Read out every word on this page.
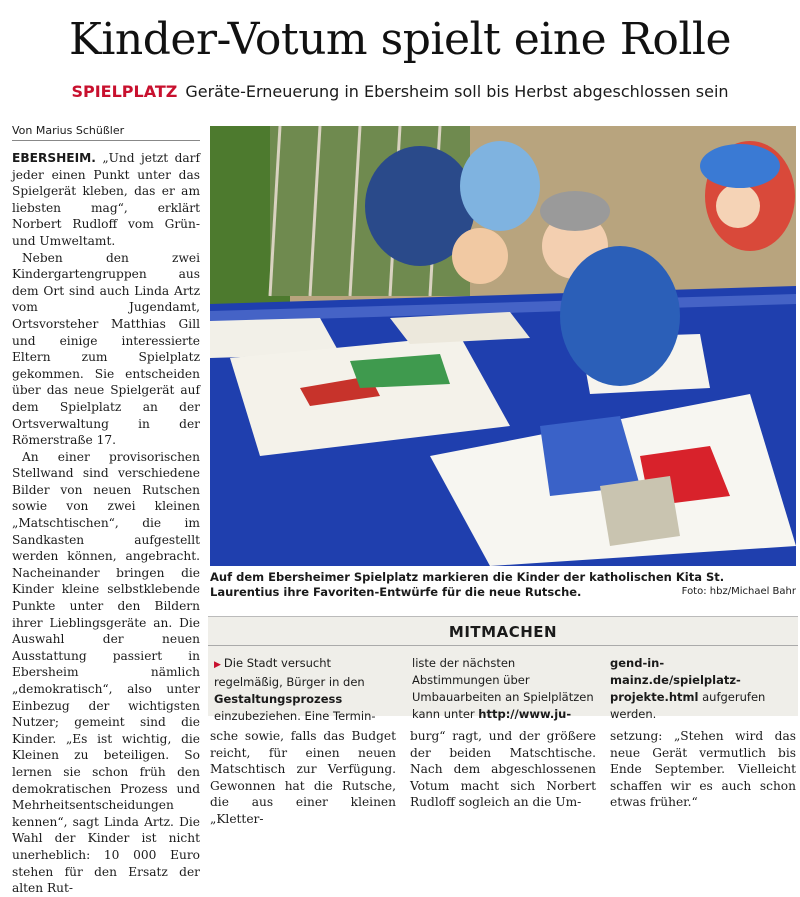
Kinder-Votum spielt eine Rolle
SPIELPLATZ Geräte-Erneuerung in Ebersheim soll bis Herbst abgeschlossen sein
Von Marius Schüßler

EBERSHEIM. „Und jetzt darf jeder einen Punkt unter das Spielgerät kleben, das er am liebsten mag“, erklärt Norbert Rudloff vom Grün- und Umweltamt.

Neben den zwei Kindergartengruppen aus dem Ort sind auch Linda Artz vom Jugendamt, Ortsvorsteher Matthias Gill und einige interessierte Eltern zum Spielplatz gekommen. Sie entscheiden über das neue Spielgerät auf dem Spielplatz an der Ortsverwaltung in der Römerstraße 17.

An einer provisorischen Stellwand sind verschiedene Bilder von neuen Rutschen sowie von zwei kleinen „Matschtischen“, die im Sandkasten aufgestellt werden können, angebracht. Nacheinander bringen die Kinder kleine selbstklebende Punkte unter den Bildern ihrer Lieblingsgeräte an. Die Auswahl der neuen Ausstattung passiert in Ebersheim nämlich „demokratisch“, also unter Einbezug der wichtigsten Nutzer; gemeint sind die Kinder. „Es ist wichtig, die Kleinen zu beteiligen. So lernen sie schon früh den demokratischen Prozess und Mehrheitsentscheidungen kennen“, sagt Linda Artz. Die Wahl der Kinder ist nicht unerheblich: 10 000 Euro stehen für den Ersatz der alten Rut-

Auf dem Ebersheimer Spielplatz markieren die Kinder der katholischen Kita St. Laurentius ihre Favoriten-Entwürfe für die neue Rutsche.	Foto: hbz/Michael Bahr
MITMACHEN
▶ Die Stadt versucht regelmäßig, Bürger in den Gestaltungsprozess einzubeziehen. Eine Termin-
liste der nächsten Abstimmungen über Umbauarbeiten an Spielplätzen kann unter http://www.ju-
gend-in-mainz.de/spielplatz-projekte.html aufgerufen werden.
sche sowie, falls das Budget reicht, für einen neuen Matschtisch zur Verfügung. Gewonnen hat die Rutsche, die aus einer kleinen „Kletter-
burg“ ragt, und der größere der beiden Matschtische. Nach dem abgeschlossenen Votum macht sich Norbert Rudloff sogleich an die Um-
setzung: „Stehen wird das neue Gerät vermutlich bis Ende September. Vielleicht schaffen wir es auch schon etwas früher.“
